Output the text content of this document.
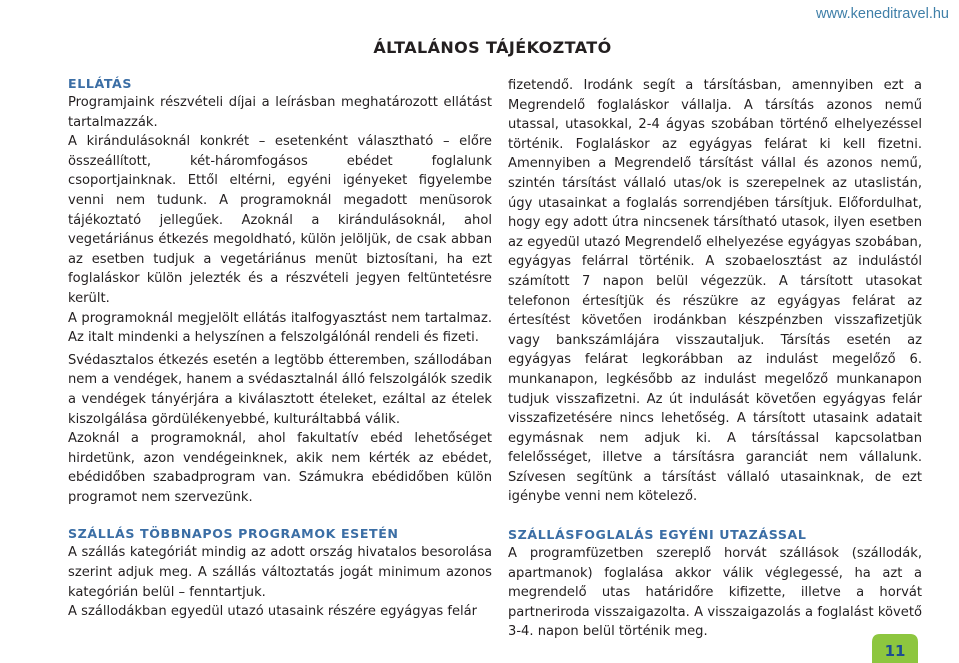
www.keneditravel.hu
ÁLTALÁNOS TÁJÉKOZTATÓ
ELLÁTÁS

Programjaink részvételi díjai a leírásban meghatározott ellátást tartalmazzák.

A kirándulásoknál konkrét – esetenként választható – előre összeállított, két-háromfogásos ebédet foglalunk csoportjainknak. Ettől eltérni, egyéni igényeket figyelembe venni nem tudunk. A programoknál megadott menüsorok tájékoztató jellegűek. Azoknál a kirándulásoknál, ahol vegetáriánus étkezés megoldható, külön jelöljük, de csak abban az esetben tudjuk a vegetáriánus menüt biztosítani, ha ezt foglaláskor külön jelezték és a részvételi jegyen feltüntetésre került.

A programoknál megjelölt ellátás italfogyasztást nem tartalmaz. Az italt mindenki a helyszínen a felszolgálónál rendeli és fizeti.

Svédasztalos étkezés esetén a legtöbb étteremben, szállodában nem a vendégek, hanem a svédasztalnál álló felszolgálók szedik a vendégek tányérjára a kiválasztott ételeket, ezáltal az ételek kiszolgálása gördülékenyebbé, kulturáltabbá válik.

Azoknál a programoknál, ahol fakultatív ebéd lehetőséget hirdetünk, azon vendégeinknek, akik nem kérték az ebédet, ebédidőben szabadprogram van. Számukra ebédidőben külön programot nem szervezünk.

SZÁLLÁS TÖBBNAPOS PROGRAMOK ESETÉN

A szállás kategóriát mindig az adott ország hivatalos besorolása szerint adjuk meg. A szállás változtatás jogát minimum azonos kategórián belül – fenntartjuk.

A szállodákban egyedül utazó utasaink részére egyágyas felár

fizetendő. Irodánk segít a társításban, amennyiben ezt a Megrendelő foglaláskor vállalja. A társítás azonos nemű utassal, utasokkal, 2-4 ágyas szobában történő elhelyezéssel történik. Foglaláskor az egyágyas felárat ki kell fizetni. Amennyiben a Megrendelő társítást vállal és azonos nemű, szintén társítást vállaló utas/ok is szerepelnek az utaslistán, úgy utasainkat a foglalás sorrendjében társítjuk. Előfordulhat, hogy egy adott útra nincsenek társítható utasok, ilyen esetben az egyedül utazó Megrendelő elhelyezése egyágyas szobában, egyágyas felárral történik. A szobaelosztást az indulástól számított 7 napon belül végezzük. A társított utasokat telefonon értesítjük és részükre az egyágyas felárat az értesítést követően irodánkban készpénzben visszafizetjük vagy bankszámlájára visszautaljuk. Társítás esetén az egyágyas felárat legkorábban az indulást megelőző 6. munkanapon, legkésőbb az indulást megelőző munkanapon tudjuk visszafizetni. Az út indulását követően egyágyas felár visszafizetésére nincs lehetőség. A társított utasaink adatait egymásnak nem adjuk ki. A társítással kapcsolatban felelősséget, illetve a társításra garanciát nem vállalunk. Szívesen segítünk a társítást vállaló utasainknak, de ezt igénybe venni nem kötelező.

SZÁLLÁSFOGLALÁS EGYÉNI UTAZÁSSAL

A programfüzetben szereplő horvát szállások (szállodák, apartmanok) foglalása akkor válik véglegessé, ha azt a megrendelő utas határidőre kifizette, illetve a horvát partneriroda visszaigazolta. A visszaigazolás a foglalást követő 3-4. napon belül történik meg.

11
